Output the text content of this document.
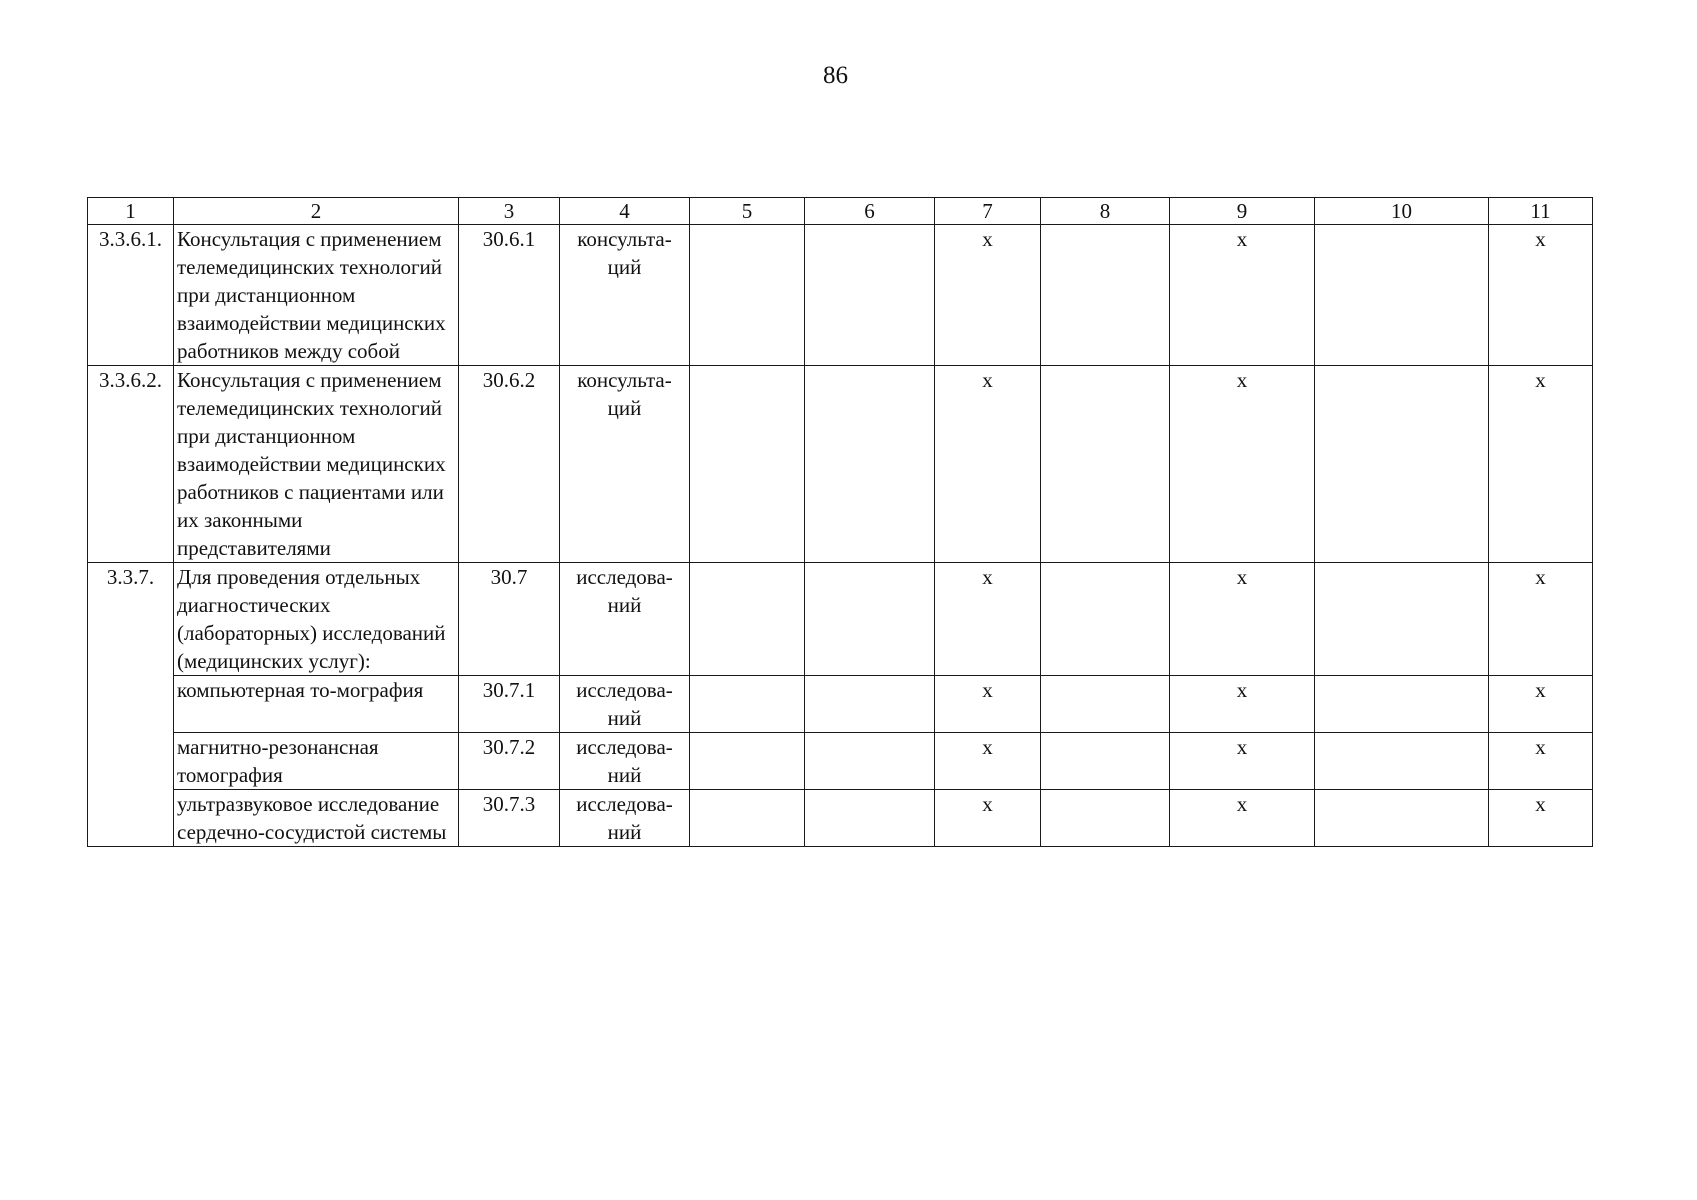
86
1	2	3	4	5	6	7	8	9	10	11
3.3.6.1.	Консультация с применением телемедицинских технологий при дистанционном взаимодействии медицинских работников между собой	30.6.1	консульта-ций			х		х		х
3.3.6.2.	Консультация с применением телемедицинских технологий при дистанционном взаимодействии медицинских работников с пациентами или их законными представителями	30.6.2	консульта-ций			х		х		х
3.3.7.	Для проведения отдельных диагностических (лабораторных) исследований (медицинских услуг):	30.7	исследова-ний			х		х		х
	компьютерная то-мография	30.7.1	исследова-ний			х		х		х
	магнитно-резонансная томография	30.7.2	исследова-ний			х		х		х
	ультразвуковое исследование сердечно-сосудистой системы	30.7.3	исследова-ний			х		х		х
